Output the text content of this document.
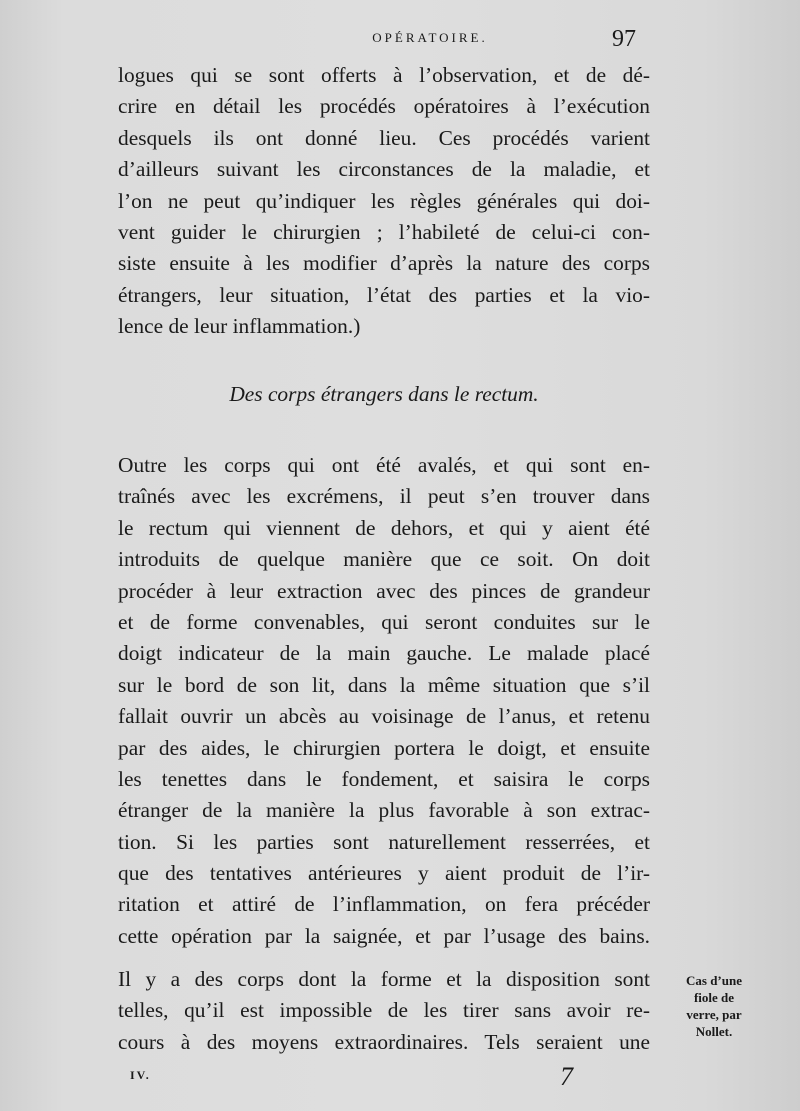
OPÉRATOIRE.	97
logues qui se sont offerts à l’observation, et de dé-
crire en détail les procédés opératoires à l’exécution
desquels ils ont donné lieu. Ces procédés varient
d’ailleurs suivant les circonstances de la maladie, et
l’on ne peut qu’indiquer les règles générales qui doi-
vent guider le chirurgien ; l’habileté de celui-ci con-
siste ensuite à les modifier d’après la nature des corps
étrangers, leur situation, l’état des parties et la vio-
lence de leur inflammation.)
Des corps étrangers dans le rectum.
Outre les corps qui ont été avalés, et qui sont en-
traînés avec les excrémens, il peut s’en trouver dans
le rectum qui viennent de dehors, et qui y aient été
introduits de quelque manière que ce soit. On doit
procéder à leur extraction avec des pinces de grandeur
et de forme convenables, qui seront conduites sur le
doigt indicateur de la main gauche. Le malade placé
sur le bord de son lit, dans la même situation que s’il
fallait ouvrir un abcès au voisinage de l’anus, et retenu
par des aides, le chirurgien portera le doigt, et ensuite
les tenettes dans le fondement, et saisira le corps
étranger de la manière la plus favorable à son extrac-
tion. Si les parties sont naturellement resserrées, et
que des tentatives antérieures y aient produit de l’ir-
ritation et attiré de l’inflammation, on fera précéder
cette opération par la saignée, et par l’usage des bains.
Il y a des corps dont la forme et la disposition sont
telles, qu’il est impossible de les tirer sans avoir re-
cours à des moyens extraordinaires. Tels seraient une
Cas d’une
fiole de
verre, par
Nollet.
IV.	7
